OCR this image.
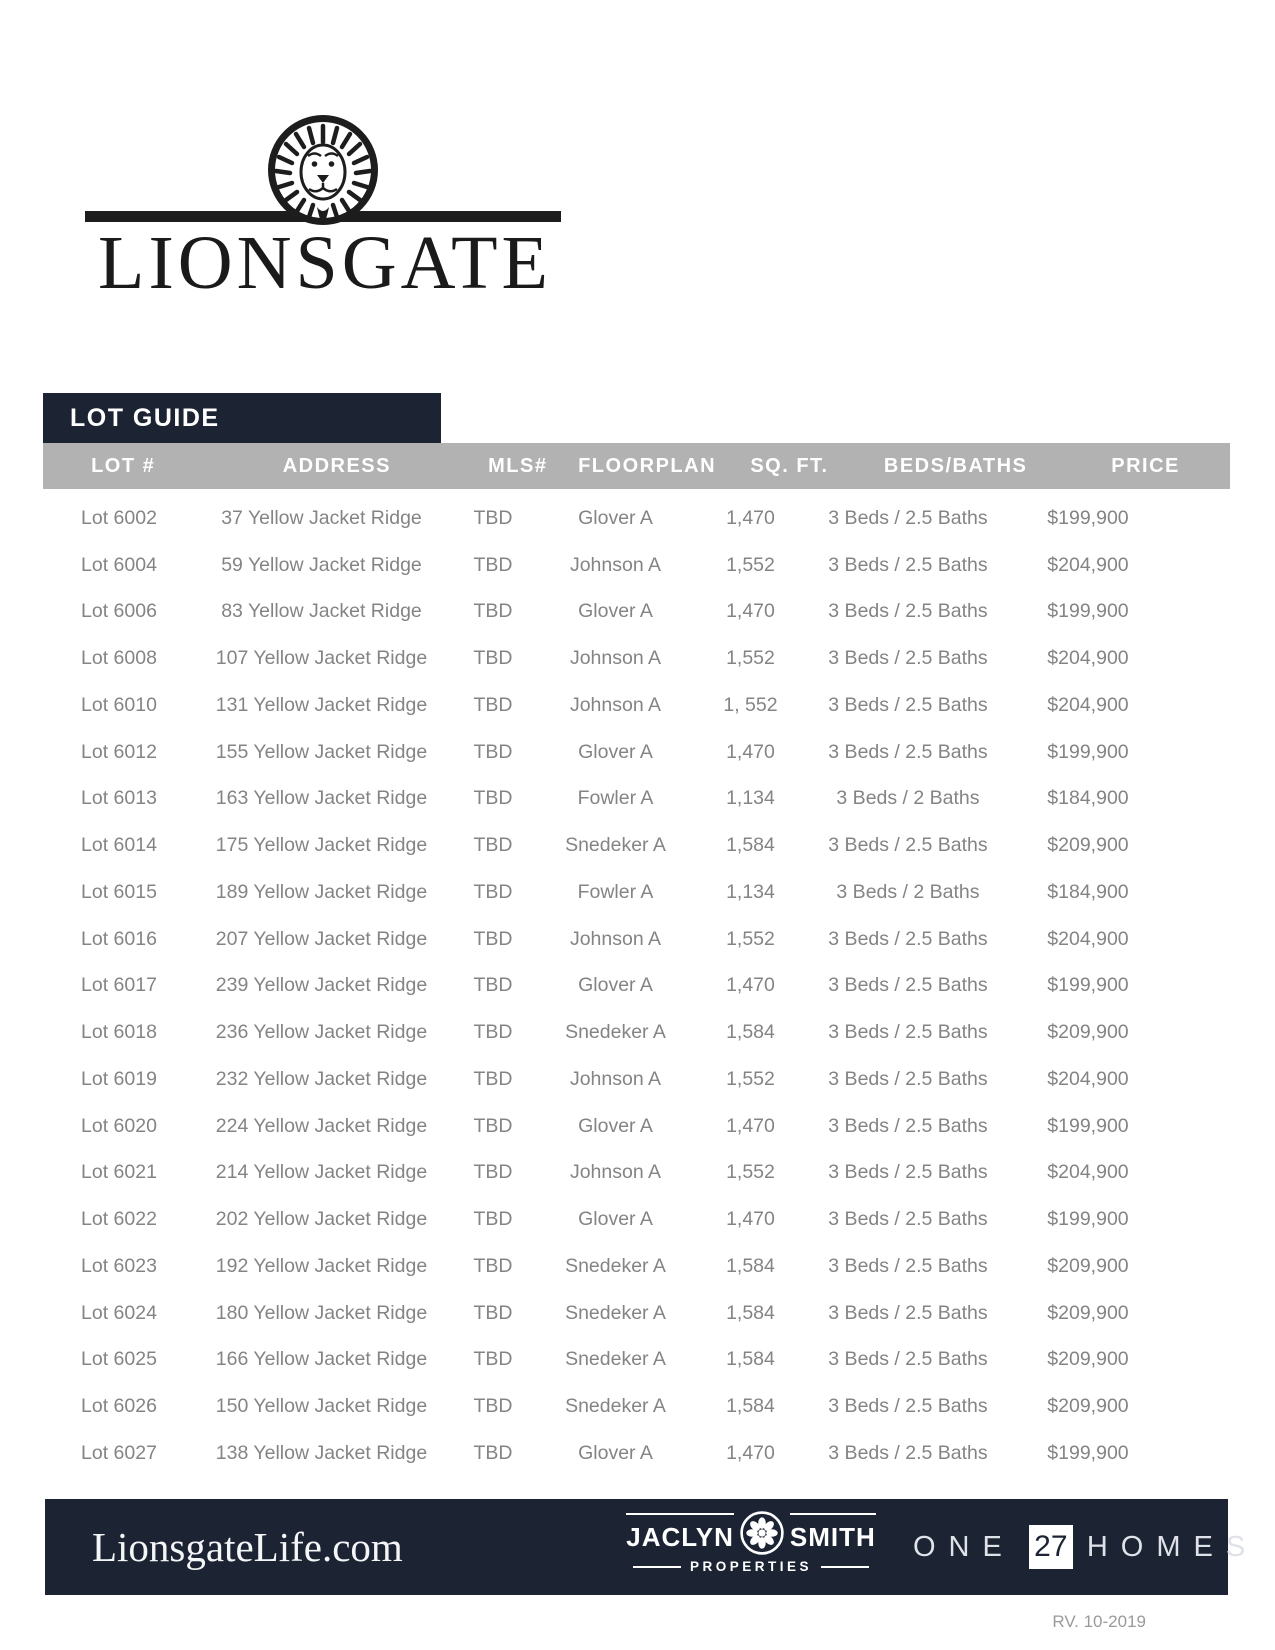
LIONSGATE
LOT GUIDE
LOT #	ADDRESS	MLS#	FLOORPLAN	SQ. FT.	BEDS/BATHS	PRICE
Lot 6002	37 Yellow Jacket Ridge	TBD	Glover A	1,470	3 Beds / 2.5 Baths	$199,900
Lot 6004	59 Yellow Jacket Ridge	TBD	Johnson A	1,552	3 Beds / 2.5 Baths	$204,900
Lot 6006	83 Yellow Jacket Ridge	TBD	Glover A	1,470	3 Beds / 2.5 Baths	$199,900
Lot 6008	107 Yellow Jacket Ridge	TBD	Johnson A	1,552	3 Beds / 2.5 Baths	$204,900
Lot 6010	131 Yellow Jacket Ridge	TBD	Johnson A	1, 552	3 Beds / 2.5 Baths	$204,900
Lot 6012	155 Yellow Jacket Ridge	TBD	Glover A	1,470	3 Beds / 2.5 Baths	$199,900
Lot 6013	163 Yellow Jacket Ridge	TBD	Fowler A	1,134	3 Beds / 2 Baths	$184,900
Lot 6014	175 Yellow Jacket Ridge	TBD	Snedeker A	1,584	3 Beds / 2.5 Baths	$209,900
Lot 6015	189 Yellow Jacket Ridge	TBD	Fowler A	1,134	3 Beds / 2 Baths	$184,900
Lot 6016	207 Yellow Jacket Ridge	TBD	Johnson A	1,552	3 Beds / 2.5 Baths	$204,900
Lot 6017	239 Yellow Jacket Ridge	TBD	Glover A	1,470	3 Beds / 2.5 Baths	$199,900
Lot 6018	236 Yellow Jacket Ridge	TBD	Snedeker A	1,584	3 Beds / 2.5 Baths	$209,900
Lot 6019	232 Yellow Jacket Ridge	TBD	Johnson A	1,552	3 Beds / 2.5 Baths	$204,900
Lot 6020	224 Yellow Jacket Ridge	TBD	Glover A	1,470	3 Beds / 2.5 Baths	$199,900
Lot 6021	214 Yellow Jacket Ridge	TBD	Johnson A	1,552	3 Beds / 2.5 Baths	$204,900
Lot 6022	202 Yellow Jacket Ridge	TBD	Glover A	1,470	3 Beds / 2.5 Baths	$199,900
Lot 6023	192 Yellow Jacket Ridge	TBD	Snedeker A	1,584	3 Beds / 2.5 Baths	$209,900
Lot 6024	180 Yellow Jacket Ridge	TBD	Snedeker A	1,584	3 Beds / 2.5 Baths	$209,900
Lot 6025	166 Yellow Jacket Ridge	TBD	Snedeker A	1,584	3 Beds / 2.5 Baths	$209,900
Lot 6026	150 Yellow Jacket Ridge	TBD	Snedeker A	1,584	3 Beds / 2.5 Baths	$209,900
Lot 6027	138 Yellow Jacket Ridge	TBD	Glover A	1,470	3 Beds / 2.5 Baths	$199,900
LionsgateLife.com	JACLYN SMITH
PROPERTIES
ONE 27 HOMES
RV. 10-2019
